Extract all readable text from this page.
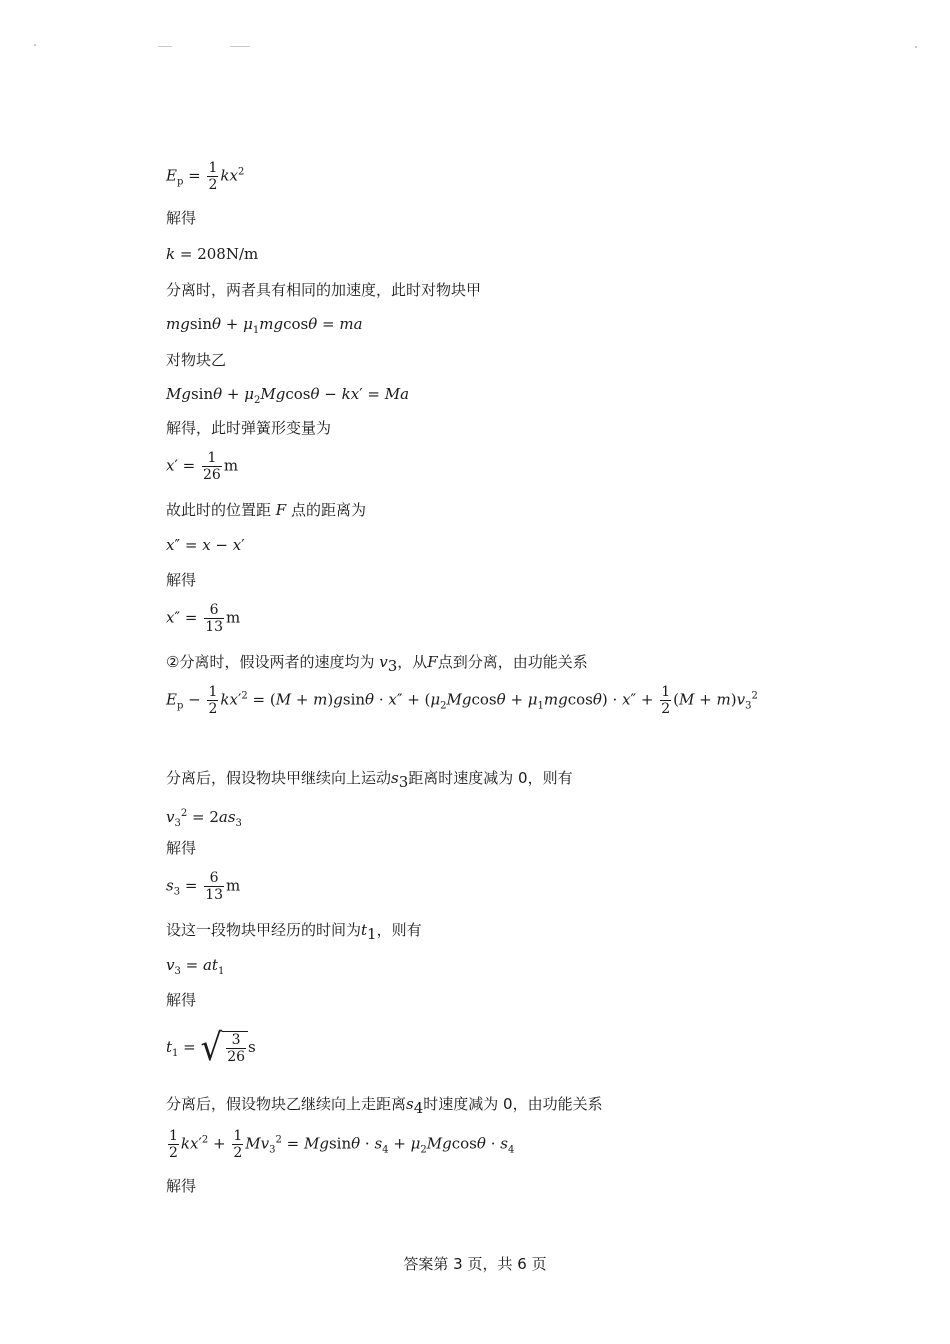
$E_p = \frac{1}{2} kx^2$
解得
k = 208N/m
分离时，两者具有相同的加速度，此时对物块甲
$mgsin\theta + \mu_1mgcos\theta$ = ma
对物块乙
$Mgsin\theta + \mu_2Mgcos\theta - kx' = Ma$
解得，此时弹簧形变量为
$x' = \frac{1}{26}$ m
故此时的位置距 F 点的距离为
x″ = x − x′
解得
$x'' = \frac{6}{13}$ m
②分离时，假设两者的速度均为 $v_3$，从F点到分离，由功能关系
$E_p - \frac{1}{2} kx'^2 = (M + m)gsin\theta \cdot x'' + (\mu_2Mgcos\theta + \mu_1mgcos\theta) \cdot x'' + \frac{1}{2} (M + m)v_3^2$
分离后，假设物块甲继续向上运动$s_3$距离时速度减为 0，则有
$v_3^2 = 2as_3$
解得
$s_3 = \frac{6}{13}$ m
设这一段物块甲经历的时间为$t_1$，则有
$v_3 = at_1$
解得
$t_1$ = √ $\frac{3}{26}$ s
分离后，假设物块乙继续向上走距离$s_4$时速度减为 0，由功能关系
$\frac{1}{2} kx'^2 + \frac{1}{2} Mv_3^2 = Mgsin\theta \cdot s_4 + \mu_2Mgcos\theta \cdot s_4$
解得
答案第 3 页，共 6 页
